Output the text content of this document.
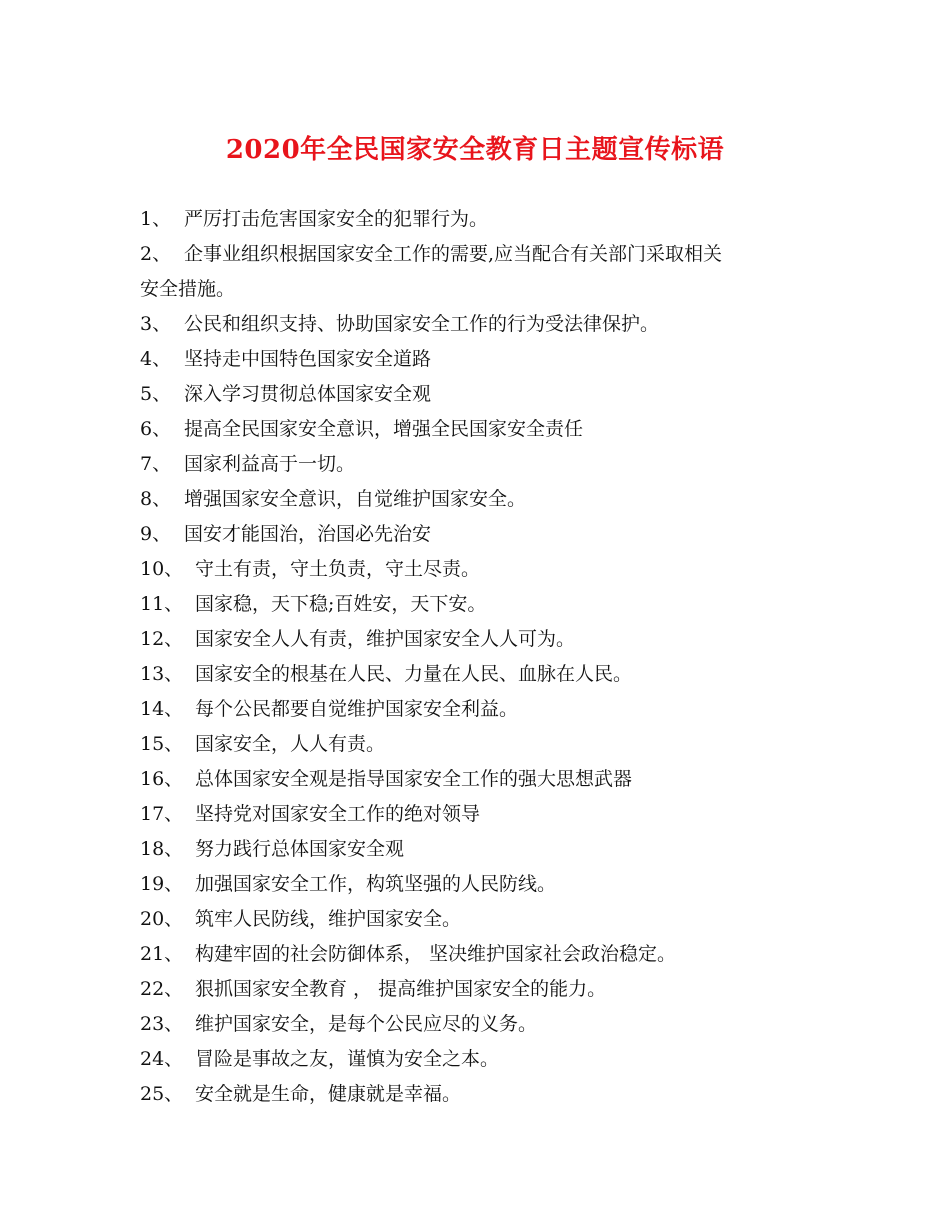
2020年全民国家安全教育日主题宣传标语
1、 严厉打击危害国家安全的犯罪行为。
2、 企事业组织根据国家安全工作的需要,应当配合有关部门采取相关
安全措施。
3、 公民和组织支持、协助国家安全工作的行为受法律保护。
4、 坚持走中国特色国家安全道路
5、 深入学习贯彻总体国家安全观
6、 提高全民国家安全意识，增强全民国家安全责任
7、 国家利益高于一切。
8、 增强国家安全意识，自觉维护国家安全。
9、 国安才能国治，治国必先治安
10、 守土有责，守土负责，守土尽责。
11、 国家稳，天下稳;百姓安，天下安。
12、 国家安全人人有责，维护国家安全人人可为。
13、 国家安全的根基在人民、力量在人民、血脉在人民。
14、 每个公民都要自觉维护国家安全利益。
15、 国家安全，人人有责。
16、 总体国家安全观是指导国家安全工作的强大思想武器
17、 坚持党对国家安全工作的绝对领导
18、 努力践行总体国家安全观
19、 加强国家安全工作，构筑坚强的人民防线。
20、 筑牢人民防线，维护国家安全。
21、 构建牢固的社会防御体系， 坚决维护国家社会政治稳定。
22、 狠抓国家安全教育 ， 提高维护国家安全的能力。
23、 维护国家安全，是每个公民应尽的义务。
24、 冒险是事故之友，谨慎为安全之本。
25、 安全就是生命，健康就是幸福。
